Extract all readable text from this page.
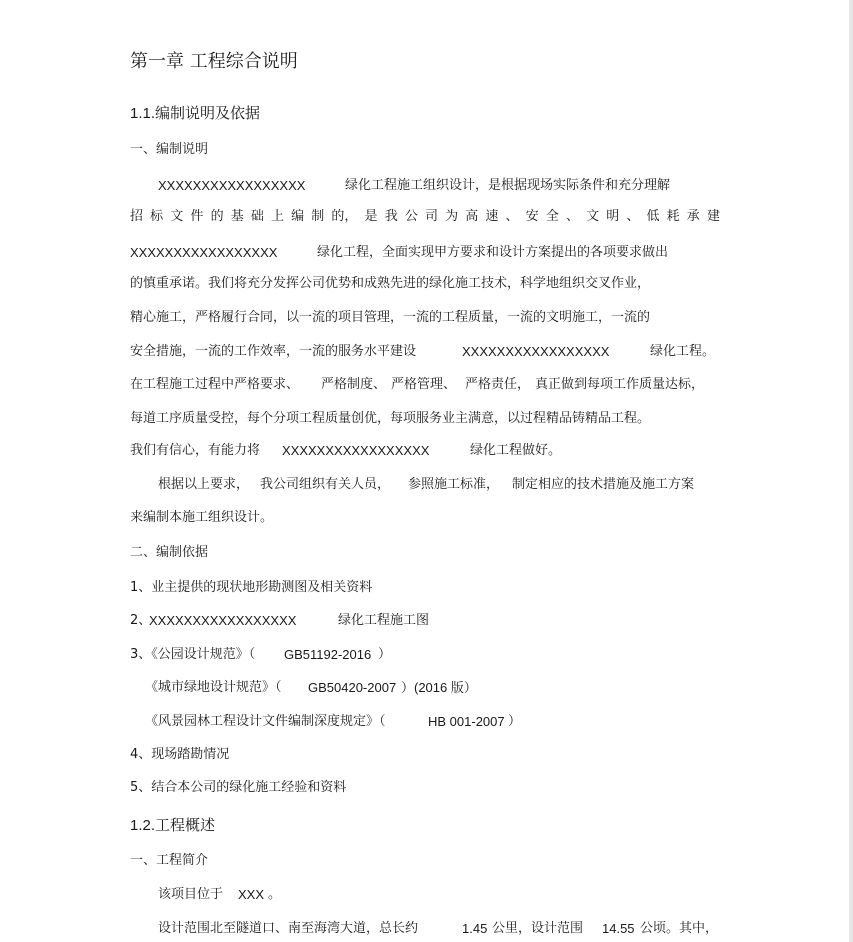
第一章 工程综合说明
1.1.编制说明及依据
一、编制说明
XXXXXXXXXXXXXXXXX	绿化工程施工组织设计，是根据现场实际条件和充分理解
招 标 文 件 的 基 础 上 编 制 的， 是 我 公 司 为 高 速 、 安 全 、 文 明 、 低 耗 承 建
XXXXXXXXXXXXXXXXX	绿化工程，全面实现甲方要求和设计方案提出的各项要求做出
的慎重承诺。我们将充分发挥公司优势和成熟先进的绿化施工技术，科学地组织交叉作业，
精心施工，严格履行合同，以一流的项目管理，一流的工程质量，一流的文明施工，一流的
安全措施，一流的工作效率，一流的服务水平建设	XXXXXXXXXXXXXXXXX	绿化工程。
在工程施工过程中严格要求、 严格制度、 严格管理、 严格责任， 真正做到每项工作质量达标，
每道工序质量受控，每个分项工程质量创优，每项服务业主满意，以过程精品铸精品工程。
我们有信心，有能力将 XXXXXXXXXXXXXXXXX	绿化工程做好。
根据以上要求， 我公司组织有关人员， 参照施工标准， 制定相应的技术措施及施工方案
来编制本施工组织设计。
二、编制依据
1、业主提供的现状地形勘测图及相关资料
2、
XXXXXXXXXXXXXXXXX	绿化工程施工图
3、《公园设计规范》（ GB51192-2016 ）
《城市绿地设计规范》（ GB50420-2007 ）(2016 版）
《风景园林工程设计文件编制深度规定》（	HB 001-2007 ）
4、现场踏勘情况
5、结合本公司的绿化施工经验和资料
1.2.工程概述
一、工程简介
该项目位于 XXX 。
设计范围北至隧道口、南至海湾大道，总长约	1.45 公里，设计范围 14.55 公顷。其中，
